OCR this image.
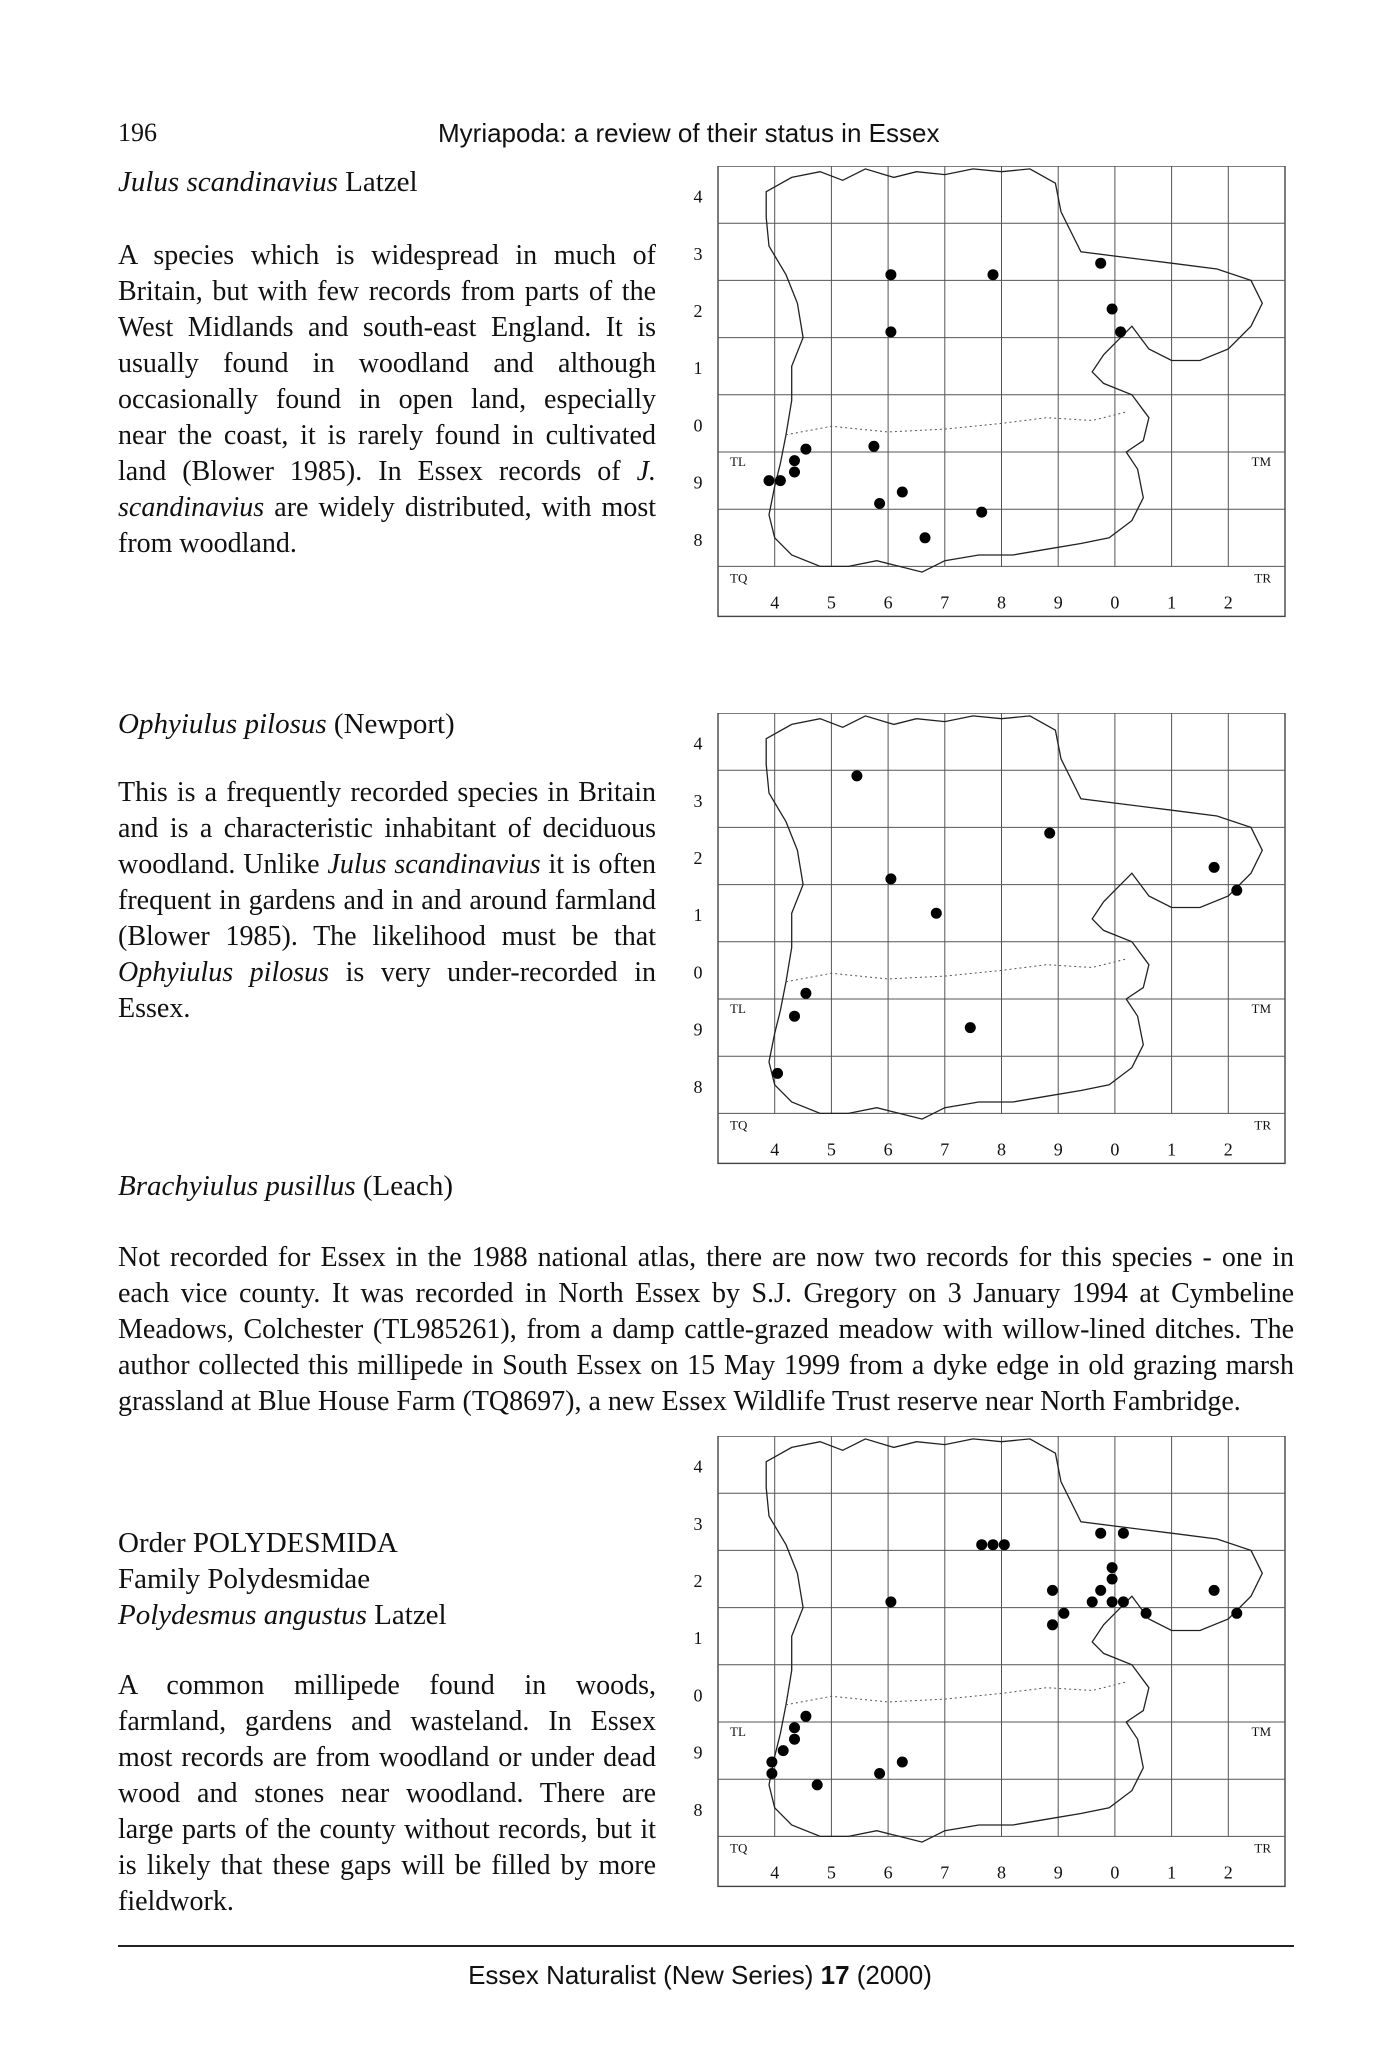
196	Myriapoda: a review of their status in Essex
Julus scandinavius Latzel
A species which is widespread in much of Britain, but with few records from parts of the West Midlands and south-east England. It is usually found in woodland and although occasionally found in open land, especially near the coast, it is rarely found in cultivated land (Blower 1985). In Essex records of J. scandinavius are widely distributed, with most from woodland.
Ophyiulus pilosus (Newport)
This is a frequently recorded species in Britain and is a characteristic inhabitant of deciduous woodland. Unlike Julus scandinavius it is often frequent in gardens and in and around farmland (Blower 1985). The likelihood must be that Ophyiulus pilosus is very under-recorded in Essex.
Brachyiulus pusillus (Leach)
Not recorded for Essex in the 1988 national atlas, there are now two records for this species - one in each vice county. It was recorded in North Essex by S.J. Gregory on 3 January 1994 at Cymbeline Meadows, Colchester (TL985261), from a damp cattle-grazed meadow with willow-lined ditches. The author collected this millipede in South Essex on 15 May 1999 from a dyke edge in old grazing marsh grassland at Blue House Farm (TQ8697), a new Essex Wildlife Trust reserve near North Fambridge.
Order POLYDESMIDA
Family Polydesmidae
Polydesmus angustus Latzel
A common millipede found in woods, farmland, gardens and wasteland. In Essex most records are from woodland or under dead wood and stones near woodland. There are large parts of the county without records, but it is likely that these gaps will be filled by more fieldwork.
4
3
2
1
0
9
8
4	5	6	7	8	9	0	1	2
TL	TM
TQ	TR
4
3
2
1
0
9
8
4	5	6	7	8	9	0	1	2
TL	TM
TQ	TR
4
3
2
1
0
9
8
4	5	6	7	8	9	0	1	2
TL	TM
TQ	TR
Essex Naturalist (New Series) 17 (2000)
